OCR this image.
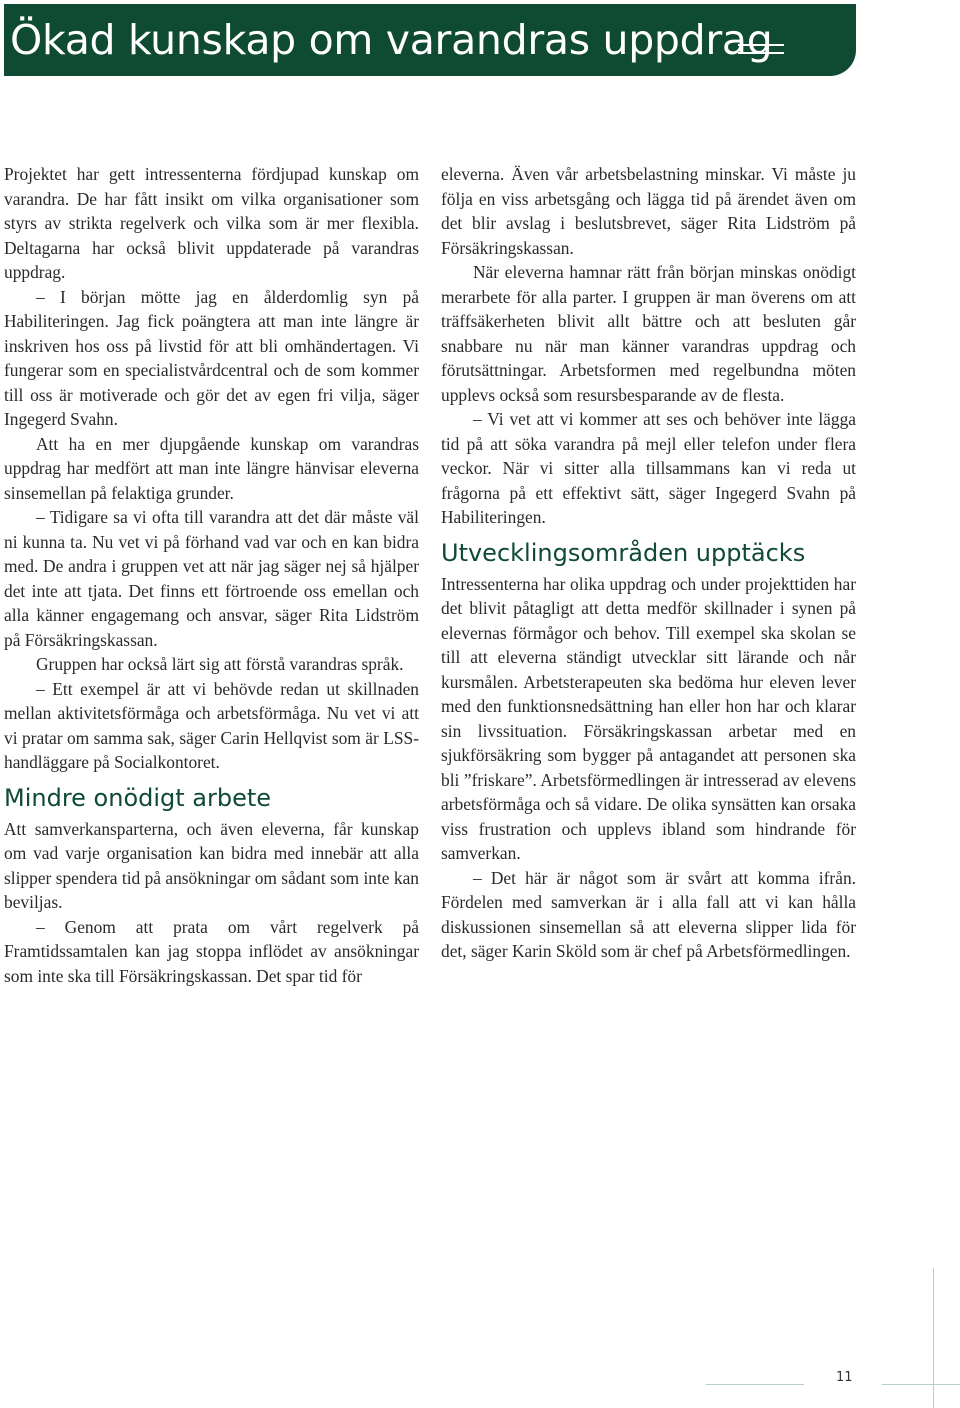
Ökad kunskap om varandras uppdrag

Projektet har gett intressenterna fördjupad kunskap om varandra. De har fått insikt om vilka organisationer som styrs av strikta regelverk och vilka som är mer flexibla. Deltagarna har också blivit uppdaterade på varandras uppdrag.

– I början mötte jag en ålderdomlig syn på Habiliteringen. Jag fick poängtera att man inte längre är inskriven hos oss på livstid för att bli omhändertagen. Vi fungerar som en specialistvårdcentral och de som kommer till oss är motiverade och gör det av egen fri vilja, säger Ingegerd Svahn.

Att ha en mer djupgående kunskap om varandras uppdrag har medfört att man inte längre hänvisar eleverna sinsemellan på felaktiga grunder.

– Tidigare sa vi ofta till varandra att det där måste väl ni kunna ta. Nu vet vi på förhand vad var och en kan bidra med. De andra i gruppen vet att när jag säger nej så hjälper det inte att tjata. Det finns ett förtroende oss emellan och alla känner engagemang och ansvar, säger Rita Lidström på Försäkringskassan.

Gruppen har också lärt sig att förstå varandras språk.

– Ett exempel är att vi behövde redan ut skillnaden mellan aktivitetsförmåga och arbetsförmåga. Nu vet vi att vi pratar om samma sak, säger Carin Hellqvist som är LSS-handläggare på Socialkontoret.

Mindre onödigt arbete

Att samverkansparterna, och även eleverna, får kunskap om vad varje organisation kan bidra med innebär att alla slipper spendera tid på ansökningar om sådant som inte kan beviljas.

– Genom att prata om vårt regelverk på Framtidssamtalen kan jag stoppa inflödet av ansökningar som inte ska till Försäkringskassan. Det spar tid för

eleverna. Även vår arbetsbelastning minskar. Vi måste ju följa en viss arbetsgång och lägga tid på ärendet även om det blir avslag i beslutsbrevet, säger Rita Lidström på Försäkringskassan.

När eleverna hamnar rätt från början minskas onödigt merarbete för alla parter. I gruppen är man överens om att träffsäkerheten blivit allt bättre och att besluten går snabbare nu när man känner varandras uppdrag och förutsättningar. Arbetsformen med regelbundna möten upplevs också som resursbesparande av de flesta.

– Vi vet att vi kommer att ses och behöver inte lägga tid på att söka varandra på mejl eller telefon under flera veckor. När vi sitter alla tillsammans kan vi reda ut frågorna på ett effektivt sätt, säger Ingegerd Svahn på Habiliteringen.

Utvecklingsområden upptäcks

Intressenterna har olika uppdrag och under projekttiden har det blivit påtagligt att detta medför skillnader i synen på elevernas förmågor och behov. Till exempel ska skolan se till att eleverna ständigt utvecklar sitt lärande och når kursmålen. Arbetsterapeuten ska bedöma hur eleven lever med den funktionsnedsättning han eller hon har och klarar sin livssituation. Försäkringskassan arbetar med en sjukförsäkring som bygger på antagandet att personen ska bli ”friskare”. Arbetsförmedlingen är intresserad av elevens arbetsförmåga och så vidare. De olika synsätten kan orsaka viss frustration och upplevs ibland som hindrande för samverkan.

– Det här är något som är svårt att komma ifrån. Fördelen med samverkan är i alla fall att vi kan hålla diskussionen sinsemellan så att eleverna slipper lida för det, säger Karin Sköld som är chef på Arbetsförmedlingen.

11
